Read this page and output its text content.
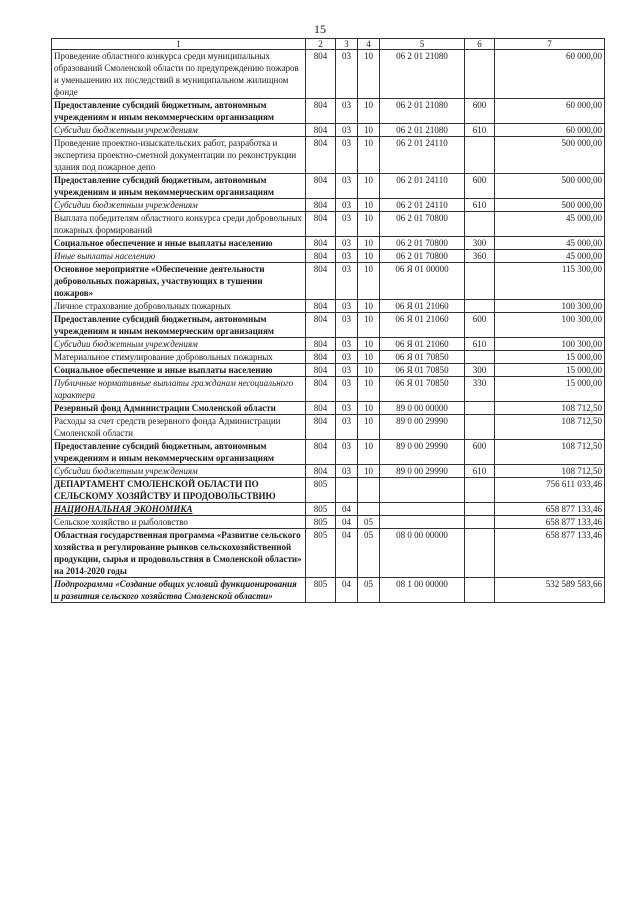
15
1	2	3	4	5	6	7
Проведение областного конкурса среди муниципальных образований Смоленской области по предупреждению пожаров и уменьшению их последствий в муниципальном жилищном фонде	804	03	10	06 2 01 21080		60 000,00
Предоставление субсидий бюджетным, автономным учреждениям и иным некоммерческим организациям	804	03	10	06 2 01 21080	600	60 000,00
Субсидии бюджетным учреждениям	804	03	10	06 2 01 21080	610	60 000,00
Проведение проектно-изыскательских работ, разработка и экспертиза проектно-сметной документации по реконструкции здания под пожарное депо	804	03	10	06 2 01 24110		500 000,00
Предоставление субсидий бюджетным, автономным учреждениям и иным некоммерческим организациям	804	03	10	06 2 01 24110	600	500 000,00
Субсидии бюджетным учреждениям	804	03	10	06 2 01 24110	610	500 000,00
Выплата победителям областного конкурса среди добровольных пожарных формирований	804	03	10	06 2 01 70800		45 000,00
Социальное обеспечение и иные выплаты населению	804	03	10	06 2 01 70800	300	45 000,00
Иные выплаты населению	804	03	10	06 2 01 70800	360	45 000,00
Основное мероприятие «Обеспечение деятельности добровольных пожарных, участвующих в тушении пожаров»	804	03	10	06 Я 01 00000		115 300,00
Личное страхование добровольных пожарных	804	03	10	06 Я 01 21060		100 300,00
Предоставление субсидий бюджетным, автономным учреждениям и иным некоммерческим организациям	804	03	10	06 Я 01 21060	600	100 300,00
Субсидии бюджетным учреждениям	804	03	10	06 Я 01 21060	610	100 300,00
Материальное стимулирование добровольных пожарных	804	03	10	06 Я 01 70850		15 000,00
Социальное обеспечение и иные выплаты населению	804	03	10	06 Я 01 70850	300	15 000,00
Публичные нормативные выплаты гражданам несоциального характера	804	03	10	06 Я 01 70850	330	15 000,00
Резервный фонд Администрации Смоленской области	804	03	10	89 0 00 00000		108 712,50
Расходы за счет средств резервного фонда Администрации Смоленской области	804	03	10	89 0 00 29990		108 712,50
Предоставление субсидий бюджетным, автономным учреждениям и иным некоммерческим организациям	804	03	10	89 0 00 29990	600	108 712,50
Субсидии бюджетным учреждениям	804	03	10	89 0 00 29990	610	108 712,50
ДЕПАРТАМЕНТ СМОЛЕНСКОЙ ОБЛАСТИ ПО СЕЛЬСКОМУ ХОЗЯЙСТВУ И ПРОДОВОЛЬСТВИЮ	805					756 611 033,46
НАЦИОНАЛЬНАЯ ЭКОНОМИКА	805	04				658 877 133,46
Сельское хозяйство и рыболовство	805	04	05			658 877 133,46
Областная государственная программа «Развитие сельского хозяйства и регулирование рынков сельскохозяйственной продукции, сырья и продовольствия в Смоленской области» на 2014-2020 годы	805	04	05	08 0 00 00000		658 877 133,46
Подпрограмма «Создание общих условий функционирования и развития сельского хозяйства Смоленской области»	805	04	05	08 1 00 00000		532 589 583,66
